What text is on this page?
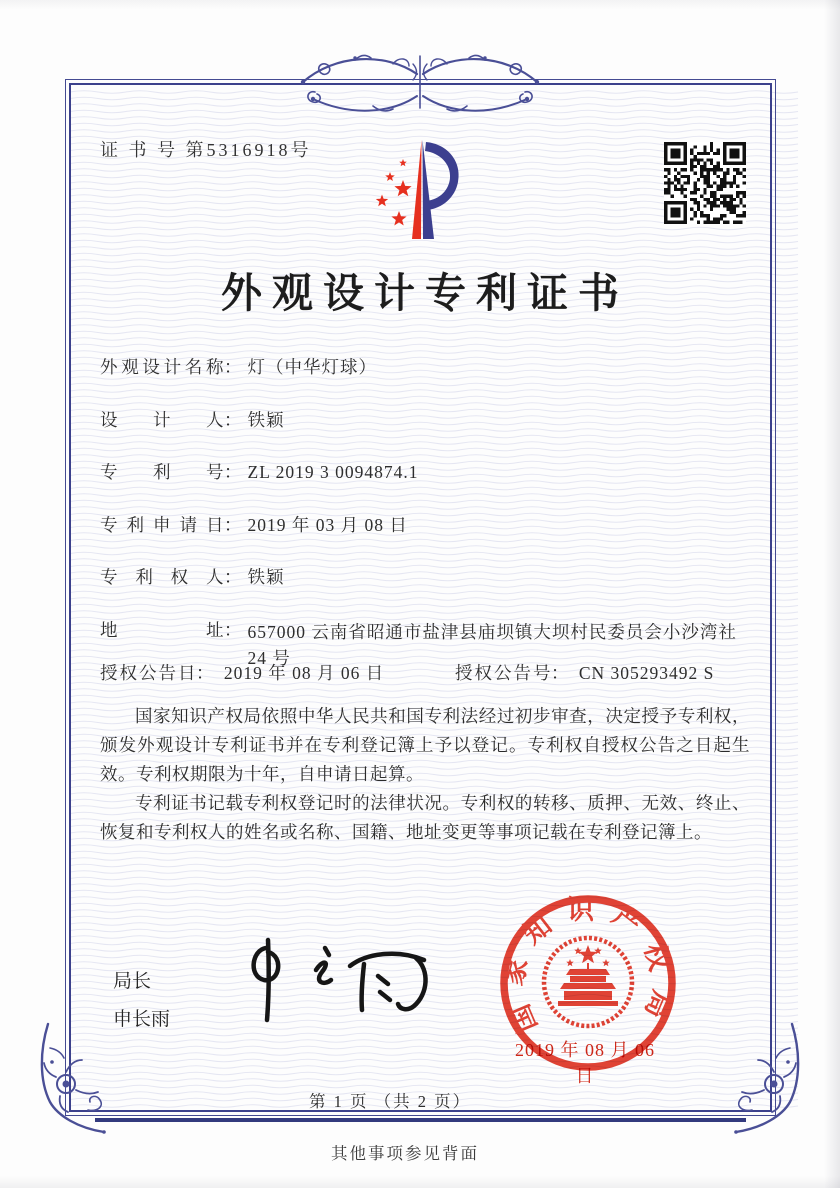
证 书 号 第5316918号
外观设计专利证书
外观设计名称 ： 灯（中华灯球）
设计人 ： 铁颖
专利号 ： ZL 2019 3 0094874.1
专利申请日 ： 2019 年 03 月 08 日
专利权人 ： 铁颖
地址 ： 657000 云南省昭通市盐津县庙坝镇大坝村民委员会小沙湾社 24 号
授权公告日： 2019 年 08 月 06 日	授权公告号： CN 305293492 S

国家知识产权局依照中华人民共和国专利法经过初步审查，决定授予专利权，颁发外观设计专利证书并在专利登记簿上予以登记。专利权自授权公告之日起生效。专利权期限为十年，自申请日起算。

专利证书记载专利权登记时的法律状况。专利权的转移、质押、无效、终止、恢复和专利权人的姓名或名称、国籍、地址变更等事项记载在专利登记簿上。

局长
申长雨	国家知识产权局
2019 年 08 月 06 日
第 1 页 （共 2 页）
其他事项参见背面
